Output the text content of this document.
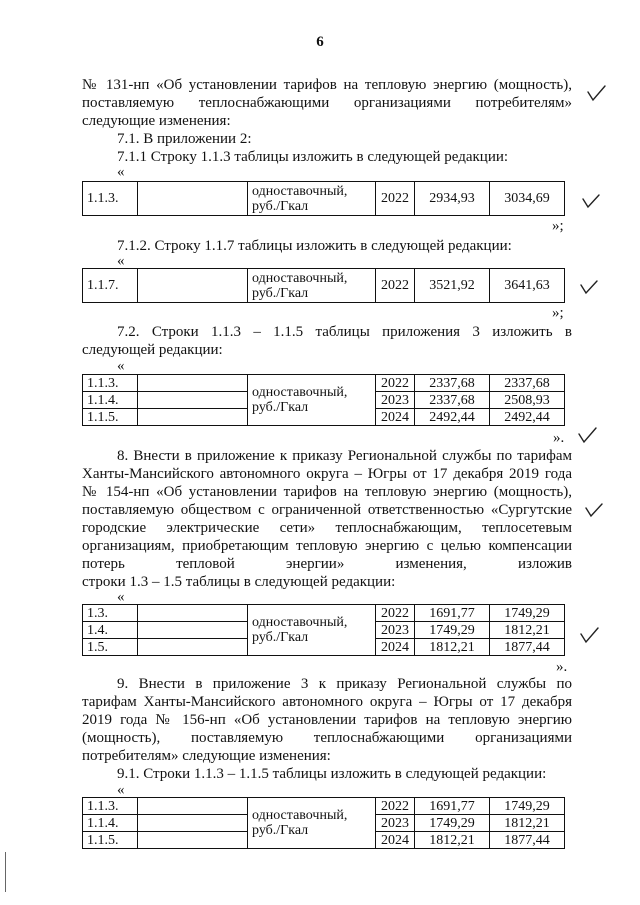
6
№ 131-нп «Об установлении тарифов на тепловую энергию (мощность),
поставляемую теплоснабжающими организациями потребителям»
следующие изменения:
7.1. В приложении 2:
7.1.1 Строку 1.1.3 таблицы изложить в следующей редакции:
«
1.1.3.		одноставочный, руб./Гкал	2022	2934,93	3034,69
»;
7.1.2. Строку 1.1.7 таблицы изложить в следующей редакции:
«
1.1.7.		одноставочный, руб./Гкал	2022	3521,92	3641,63
»;
7.2. Строки 1.1.3 – 1.1.5 таблицы приложения 3 изложить в
следующей редакции:
«
1.1.3.		одноставочный, руб./Гкал	2022	2337,68	2337,68
1.1.4.			2023	2337,68	2508,93
1.1.5.			2024	2492,44	2492,44
».
8. Внести в приложение к приказу Региональной службы по тарифам
Ханты-Мансийского автономного округа – Югры от 17 декабря 2019 года
№ 154-нп «Об установлении тарифов на тепловую энергию (мощность),
поставляемую обществом с ограниченной ответственностью «Сургутские
городские электрические сети» теплоснабжающим, теплосетевым
организациям, приобретающим тепловую энергию с целью компенсации
потерь тепловой энергии» изменения, изложив
строки 1.3 – 1.5 таблицы в следующей редакции:
«
1.3.		одноставочный, руб./Гкал	2022	1691,77	1749,29
1.4.			2023	1749,29	1812,21
1.5.			2024	1812,21	1877,44
».
9. Внести в приложение 3 к приказу Региональной службы по
тарифам Ханты-Мансийского автономного округа – Югры от 17 декабря
2019 года № 156-нп «Об установлении тарифов на тепловую энергию
(мощность), поставляемую теплоснабжающими организациями
потребителям» следующие изменения:
9.1. Строки 1.1.3 – 1.1.5 таблицы изложить в следующей редакции:
«
1.1.3.		одноставочный, руб./Гкал	2022	1691,77	1749,29
1.1.4.			2023	1749,29	1812,21
1.1.5.			2024	1812,21	1877,44
